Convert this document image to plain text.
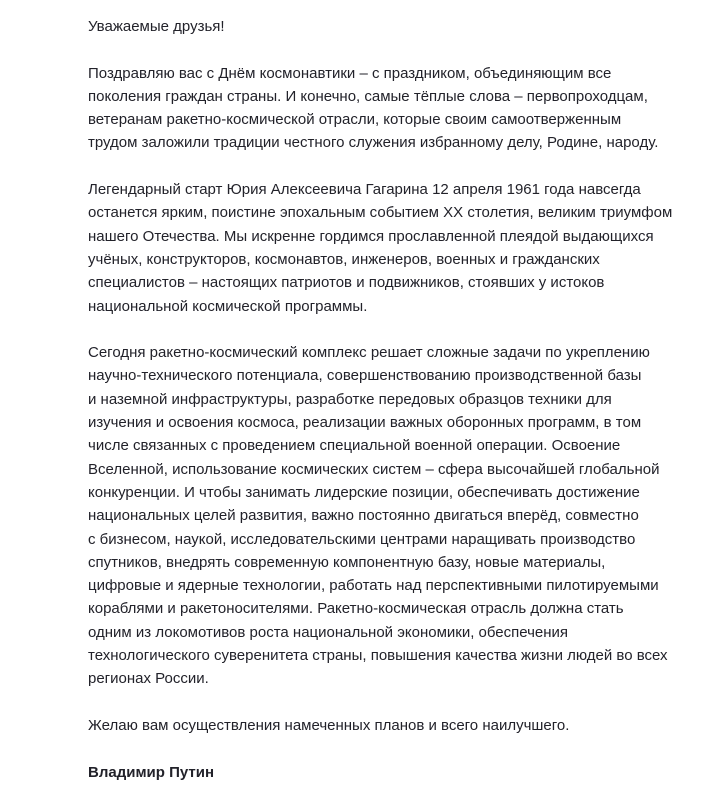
Уважаемые друзья!

Поздравляю вас с Днём космонавтики – с праздником, объединяющим все
поколения граждан страны. И конечно, самые тёплые слова – первопроходцам,
ветеранам ракетно-космической отрасли, которые своим самоотверженным
трудом заложили традиции честного служения избранному делу, Родине, народу.

Легендарный старт Юрия Алексеевича Гагарина 12 апреля 1961 года навсегда
останется ярким, поистине эпохальным событием XX столетия, великим триумфом
нашего Отечества. Мы искренне гордимся прославленной плеядой выдающихся
учёных, конструкторов, космонавтов, инженеров, военных и гражданских
специалистов – настоящих патриотов и подвижников, стоявших у истоков
национальной космической программы.

Сегодня ракетно-космический комплекс решает сложные задачи по укреплению
научно-технического потенциала, совершенствованию производственной базы
и наземной инфраструктуры, разработке передовых образцов техники для
изучения и освоения космоса, реализации важных оборонных программ, в том
числе связанных с проведением специальной военной операции. Освоение
Вселенной, использование космических систем – сфера высочайшей глобальной
конкуренции. И чтобы занимать лидерские позиции, обеспечивать достижение
национальных целей развития, важно постоянно двигаться вперёд, совместно
с бизнесом, наукой, исследовательскими центрами наращивать производство
спутников, внедрять современную компонентную базу, новые материалы,
цифровые и ядерные технологии, работать над перспективными пилотируемыми
кораблями и ракетоносителями. Ракетно-космическая отрасль должна стать
одним из локомотивов роста национальной экономики, обеспечения
технологического суверенитета страны, повышения качества жизни людей во всех
регионах России.

Желаю вам осуществления намеченных планов и всего наилучшего.

Владимир Путин
